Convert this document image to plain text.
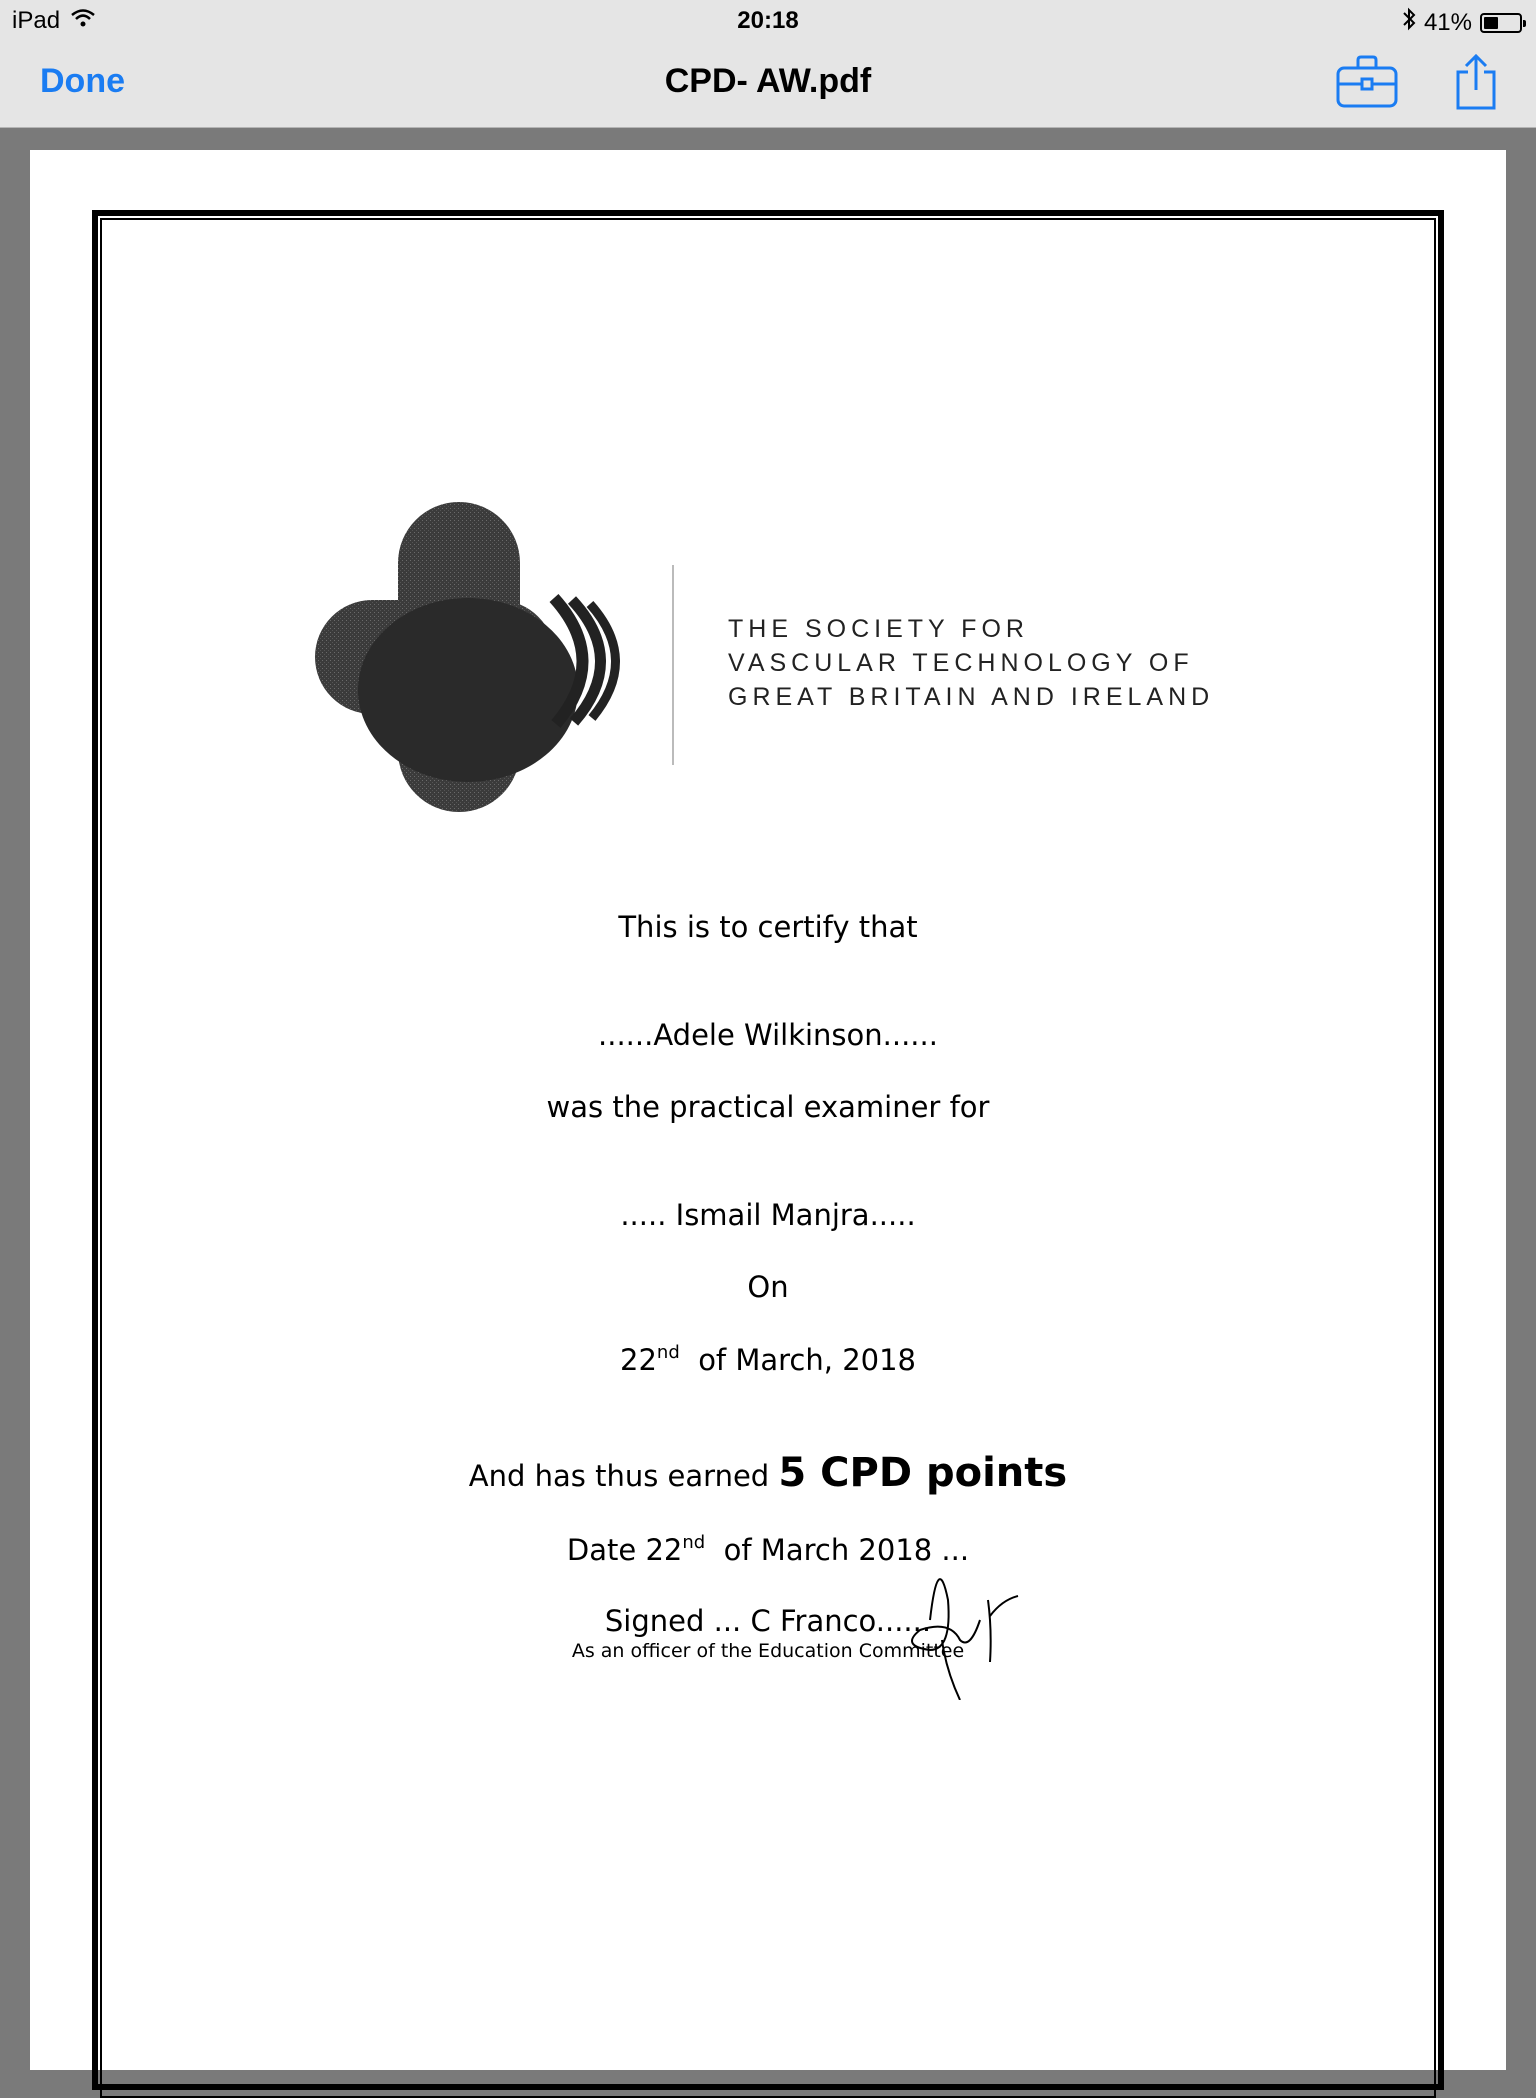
iPad	20:18	41%
Done	CPD- AW.pdf
THE SOCIETY FOR
VASCULAR TECHNOLOGY OF
GREAT BRITAIN AND IRELAND
This is to certify that
......Adele Wilkinson......
was the practical examiner for
..... Ismail Manjra.....
On
22nd of March, 2018
And has thus earned 5 CPD points
Date 22nd of March 2018 ...
Signed ... C Franco......
As an officer of the Education Committee
